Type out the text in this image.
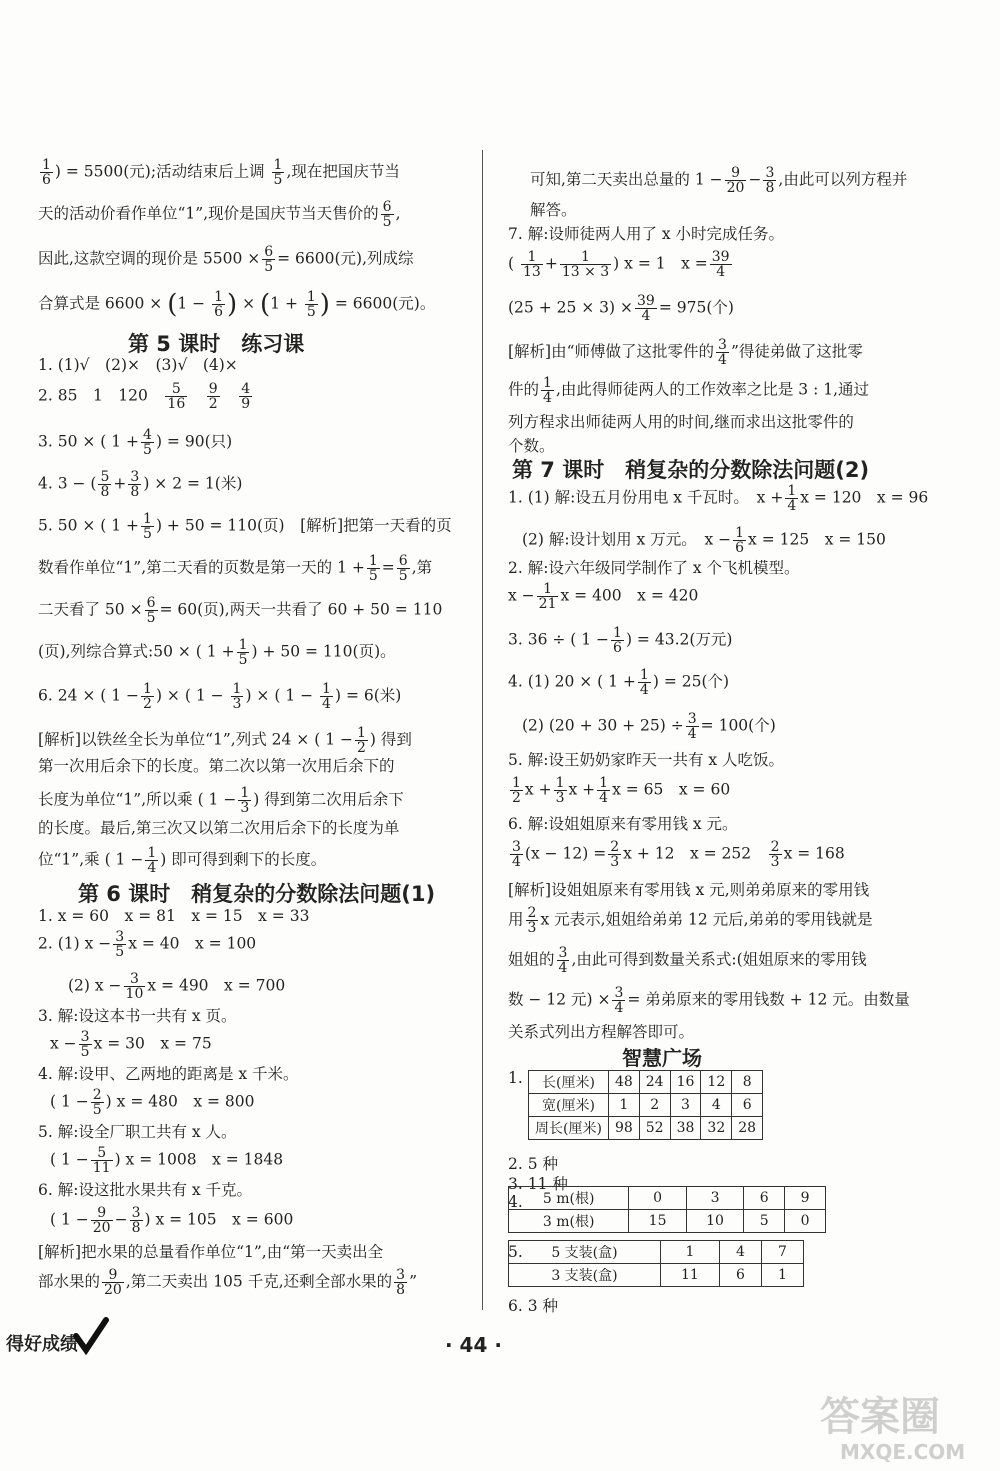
$\frac{1}{6}$ ) = 5500(元);活动结束后上调 $\frac{1}{5}$ ,现在把国庆节当
天的活动价看作单位“1”,现价是国庆节当天售价的 $\frac{6}{5}$ ,
因此,这款空调的现价是 $5500 \times \frac{6}{5} = 6600$(元),列成综
合算式是 $6600 \times (1 - \frac{1}{6}$ ) × ($1 + \frac{1}{5}$ ) = 6600(元)。
第 5 课时　练习课
1. (1)√　(2)×　(3)√　(4)×
2. 85　1　120　 $\frac{5}{16}$
　 $\frac{9}{2}$
　 $\frac{4}{9}$
3. 50 × ( $1 + \frac{4}{5}$ ) = 90(只)
4. 3 − ( $\frac{5}{8} + \frac{3}{8}$ ) × 2 = 1(米)
5. 50 × ( $1 + \frac{1}{5}$ ) + 50 = 110(页)　[解析]把第一天看的页
数看作单位“1”,第二天看的页数是第一天的 $1 + \frac{1}{5} = \frac{6}{5}$ ,第
二天看了 $50 \times \frac{6}{5} = 60$(页),两天一共看了 60 + 50 = 110
(页),列综合算式:50 × ( $1 + \frac{1}{5}$ ) + 50 = 110(页)。
6. 24 × ( $1 - \frac{1}{2}$ ) × ( $1 - \frac{1}{3}$ ) × ( $1 - \frac{1}{4}$ ) = 6(米)
[解析]以铁丝全长为单位“1”,列式 24 × ( $1 - \frac{1}{2}$ ) 得到
第一次用后余下的长度。第二次以第一次用后余下的
长度为单位“1”,所以乘 ( $1 - \frac{1}{3}$ ) 得到第二次用后余下
的长度。最后,第三次又以第二次用后余下的长度为单
位“1”,乘 ( $1 - \frac{1}{4}$ ) 即可得到剩下的长度。
第 6 课时　稍复杂的分数除法问题(1)
1. x = 60　x = 81　x = 15　x = 33
2. (1) $x - \frac{3}{5}$ x = 40　x = 100
(2) $x - \frac{3}{10}$ x = 490　x = 700
3. 解:设这本书一共有 x 页。
$x - \frac{3}{5}$ x = 30　x = 75
4. 解:设甲、乙两地的距离是 x 千米。
( $1 - \frac{2}{5}$ ) x = 480　x = 800
5. 解:设全厂职工共有 x 人。
( $1 - \frac{5}{11}$ ) x = 1008　x = 1848
6. 解:设这批水果共有 x 千克。
( $1 - \frac{9}{20} - \frac{3}{8}$ ) x = 105　x = 600
[解析]把水果的总量看作单位“1”,由“第一天卖出全
部水果的 $\frac{9}{20}$ ,第二天卖出 105 千克,还剩全部水果的 $\frac{3}{8}$ ”
可知,第二天卖出总量的 $1 - \frac{9}{20} - \frac{3}{8}$ ,由此可以列方程并
解答。
7. 解:设师徒两人用了 x 小时完成任务。
( $\frac{1}{13} + \frac{1}{13 \times 3}$ ) x = 1　$x = \frac{39}{4}$
$(25 + 25 \times 3) \times \frac{39}{4} = 975$(个)
[解析]由“师傅做了这批零件的 $\frac{3}{4}$ ”得徒弟做了这批零
件的 $\frac{1}{4}$ ,由此得师徒两人的工作效率之比是 3 : 1,通过
列方程求出师徒两人用的时间,继而求出这批零件的
个数。
第 7 课时　稍复杂的分数除法问题(2)
1. (1) 解:设五月份用电 x 千瓦时。　$x + \frac{1}{4}$ x = 120　x = 96
(2) 解:设计划用 x 万元。　$x - \frac{1}{6}$ x = 125　x = 150
2. 解:设六年级同学制作了 x 个飞机模型。
$x - \frac{1}{21}$ x = 400　x = 420
3. 36 ÷ ( $1 - \frac{1}{6}$ ) = 43.2(万元)
4. (1) 20 × ( $1 + \frac{1}{4}$ ) = 25(个)
(2) $(20 + 30 + 25) \div \frac{3}{4} = 100$(个)
5. 解:设王奶奶家昨天一共有 x 人吃饭。
$\frac{1}{2}$ $x + \frac{1}{3}$ $x + \frac{1}{4}$ x = 65　x = 60
6. 解:设姐姐原来有零用钱 x 元。
$\frac{3}{4} (x - 12) = \frac{2}{3}$ x + 12　x = 252　 $\frac{2}{3}$ x = 168
[解析]设姐姐原来有零用钱 x 元,则弟弟原来的零用钱
用 $\frac{2}{3}$ x 元表示,姐姐给弟弟 12 元后,弟弟的零用钱就是
姐姐的 $\frac{3}{4}$ ,由此可得到数量关系式:(姐姐原来的零用钱
数 − 12 元) × $\frac{3}{4}$ = 弟弟原来的零用钱数 + 12 元。由数量
关系式列出方程解答即可。
智慧广场
1.
2. 5 种
3. 11 种
4.
5.
6. 3 种
长(厘米)	48	24	16	12	8
宽(厘米)	1	2	3	4	6
周长(厘米)	98	52	38	32	28
5 m(根)	0	3	6	9
3 m(根)	15	10	5	0
5 支装(盒)	1	4	7
3 支装(盒)	11	6	1
得好成绩	· 44 ·
答案圈
MXQE.COM
